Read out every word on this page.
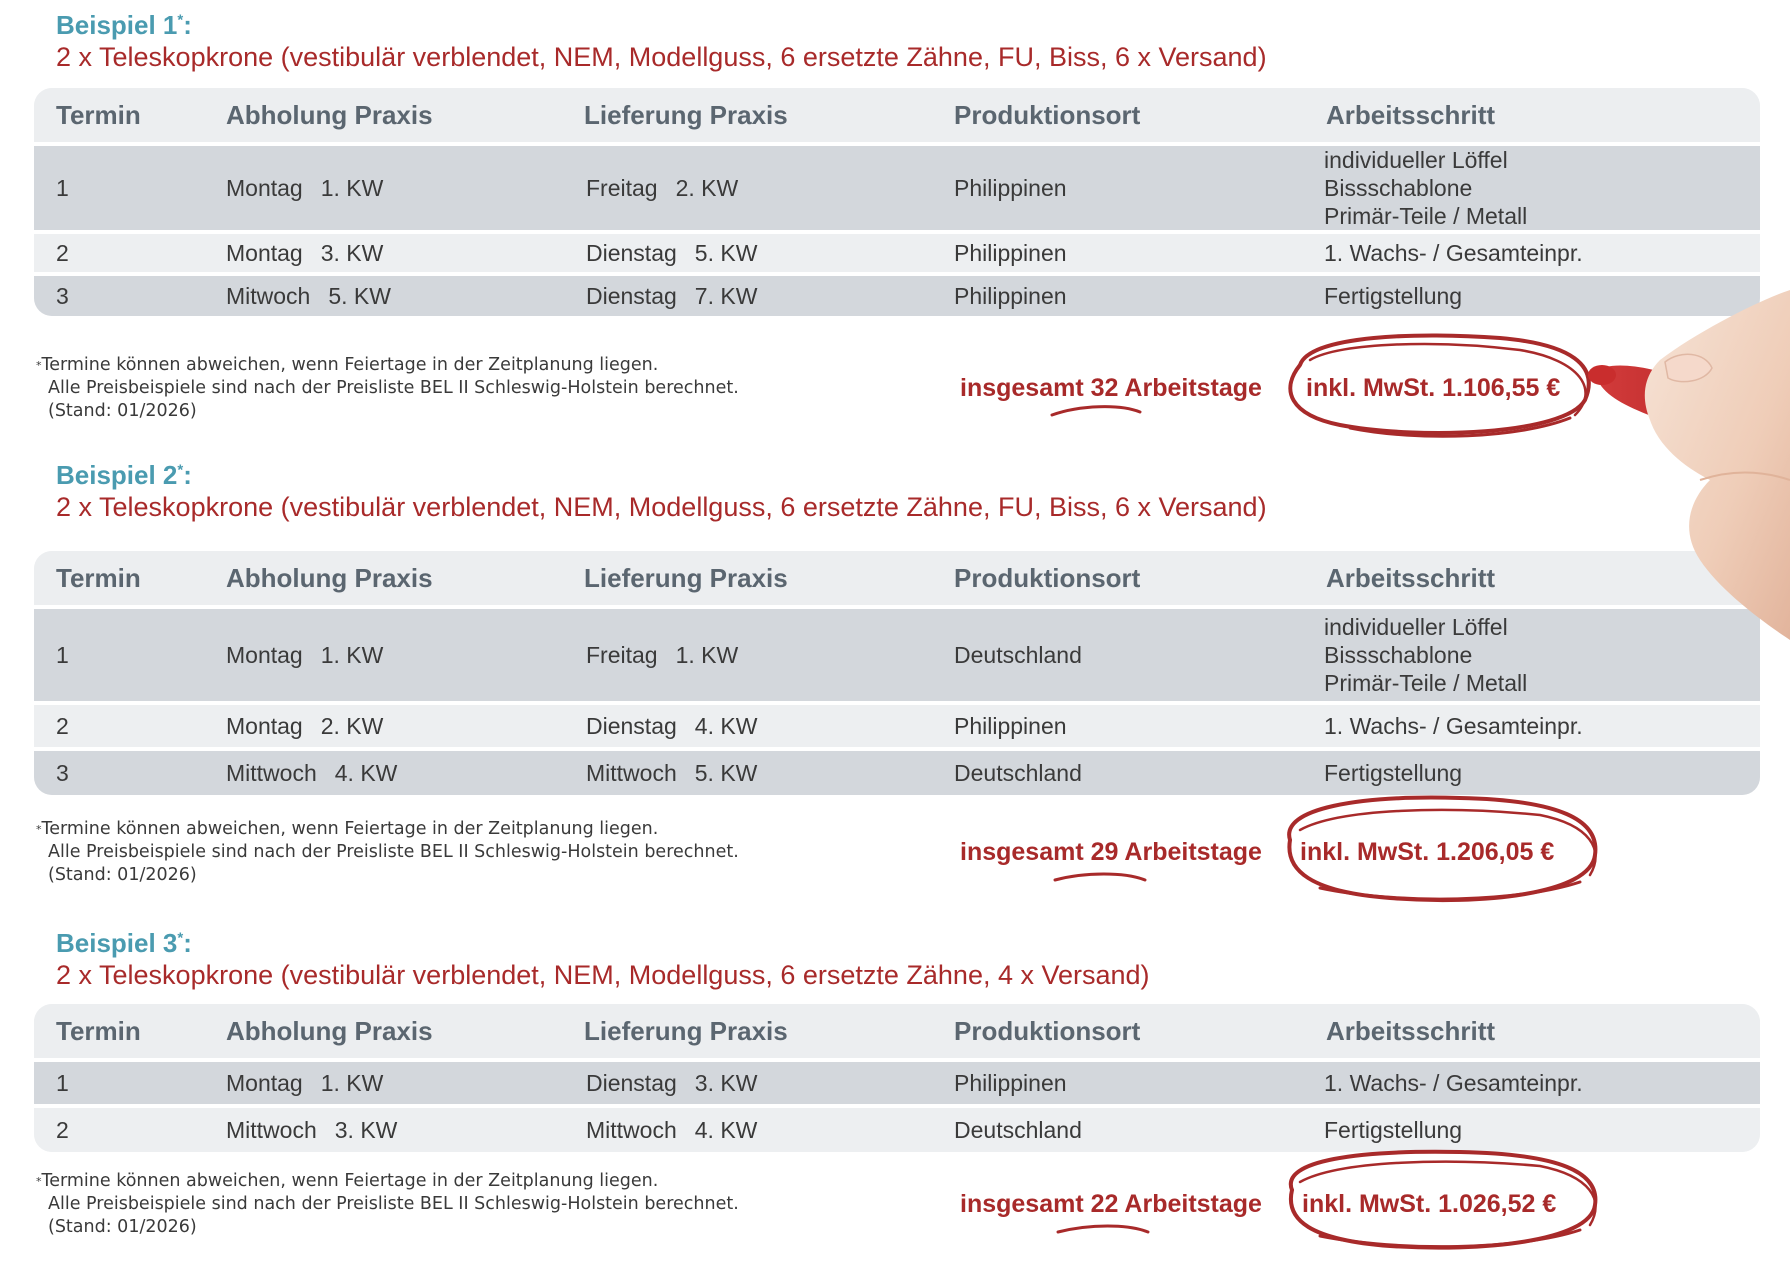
Beispiel 1*:
2 x Teleskopkrone (vestibulär verblendet, NEM, Modellguss, 6 ersetzte Zähne, FU, Biss, 6 x Versand)
Termin	Abholung Praxis	Lieferung Praxis	Produktionsort	Arbeitsschritt
1	Montag 1. KW	Freitag 2. KW	Philippinen
individueller Löffel
Bissschablone
Primär-Teile / Metall
2	Montag 3. KW	Dienstag 5. KW	Philippinen	1. Wachs- / Gesamteinpr.
3	Mitwoch 5. KW	Dienstag 7. KW	Philippinen	Fertigstellung
*Termine können abweichen, wenn Feiertage in der Zeitplanung liegen.
Alle Preisbeispiele sind nach der Preisliste BEL II Schleswig-Holstein berechnet.
(Stand: 01/2026)
insgesamt 32 Arbeitstage inkl. MwSt. 1.106,55 €
Beispiel 2*:
2 x Teleskopkrone (vestibulär verblendet, NEM, Modellguss, 6 ersetzte Zähne, FU, Biss, 6 x Versand)
Termin	Abholung Praxis	Lieferung Praxis	Produktionsort	Arbeitsschritt
1	Montag 1. KW	Freitag 1. KW	Deutschland
individueller Löffel
Bissschablone
Primär-Teile / Metall
2	Montag 2. KW	Dienstag 4. KW	Philippinen	1. Wachs- / Gesamteinpr.
3	Mittwoch 4. KW	Mittwoch 5. KW	Deutschland	Fertigstellung
*Termine können abweichen, wenn Feiertage in der Zeitplanung liegen.
Alle Preisbeispiele sind nach der Preisliste BEL II Schleswig-Holstein berechnet.
(Stand: 01/2026)
insgesamt 29 Arbeitstage inkl. MwSt. 1.206,05 €
Beispiel 3*:
2 x Teleskopkrone (vestibulär verblendet, NEM, Modellguss, 6 ersetzte Zähne, 4 x Versand)
Termin	Abholung Praxis	Lieferung Praxis	Produktionsort	Arbeitsschritt
1	Montag 1. KW	Dienstag 3. KW	Philippinen	1. Wachs- / Gesamteinpr.
2	Mittwoch 3. KW	Mittwoch 4. KW	Deutschland	Fertigstellung
*Termine können abweichen, wenn Feiertage in der Zeitplanung liegen.
Alle Preisbeispiele sind nach der Preisliste BEL II Schleswig-Holstein berechnet.
(Stand: 01/2026)
insgesamt 22 Arbeitstage inkl. MwSt. 1.026,52 €
